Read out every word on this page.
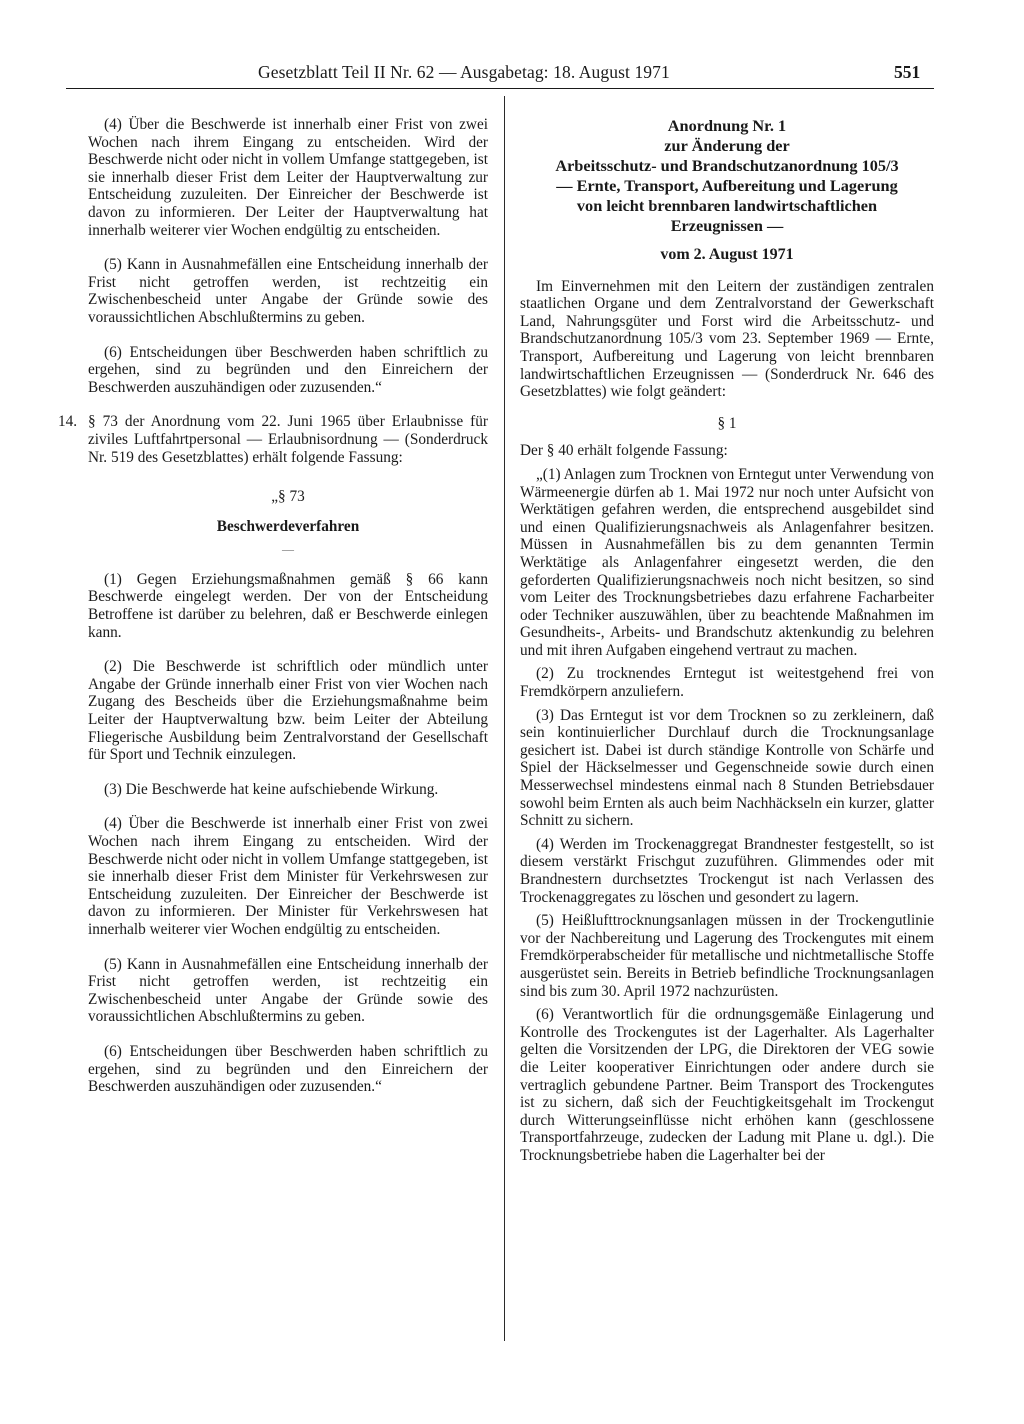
Gesetzblatt Teil II Nr. 62 — Ausgabetag: 18. August 1971	551

(4) Über die Beschwerde ist innerhalb einer Frist von zwei Wochen nach ihrem Eingang zu entscheiden. Wird der Beschwerde nicht oder nicht in vollem Umfange stattgegeben, ist sie innerhalb dieser Frist dem Leiter der Hauptverwaltung zur Entscheidung zuzuleiten. Der Einreicher der Beschwerde ist davon zu informieren. Der Leiter der Hauptverwaltung hat innerhalb weiterer vier Wochen endgültig zu entscheiden.

(5) Kann in Ausnahmefällen eine Entscheidung innerhalb der Frist nicht getroffen werden, ist rechtzeitig ein Zwischenbescheid unter Angabe der Gründe sowie des voraussichtlichen Abschlußtermins zu geben.

(6) Entscheidungen über Beschwerden haben schriftlich zu ergehen, sind zu begründen und den Einreichern der Beschwerden auszuhändigen oder zuzusenden.“

14. § 73 der Anordnung vom 22. Juni 1965 über Erlaubnisse für ziviles Luftfahrtpersonal — Erlaubnisordnung — (Sonderdruck Nr. 519 des Gesetzblattes) erhält folgende Fassung:

„§ 73

Beschwerdeverfahren

—

(1) Gegen Erziehungsmaßnahmen gemäß § 66 kann Beschwerde eingelegt werden. Der von der Entscheidung Betroffene ist darüber zu belehren, daß er Beschwerde einlegen kann.

(2) Die Beschwerde ist schriftlich oder mündlich unter Angabe der Gründe innerhalb einer Frist von vier Wochen nach Zugang des Bescheids über die Erziehungsmaßnahme beim Leiter der Hauptverwaltung bzw. beim Leiter der Abteilung Fliegerische Ausbildung beim Zentralvorstand der Gesellschaft für Sport und Technik einzulegen.

(3) Die Beschwerde hat keine aufschiebende Wirkung.

(4) Über die Beschwerde ist innerhalb einer Frist von zwei Wochen nach ihrem Eingang zu entscheiden. Wird der Beschwerde nicht oder nicht in vollem Umfange stattgegeben, ist sie innerhalb dieser Frist dem Minister für Verkehrswesen zur Entscheidung zuzuleiten. Der Einreicher der Beschwerde ist davon zu informieren. Der Minister für Verkehrswesen hat innerhalb weiterer vier Wochen endgültig zu entscheiden.

(5) Kann in Ausnahmefällen eine Entscheidung innerhalb der Frist nicht getroffen werden, ist rechtzeitig ein Zwischenbescheid unter Angabe der Gründe sowie des voraussichtlichen Abschlußtermins zu geben.

(6) Entscheidungen über Beschwerden haben schriftlich zu ergehen, sind zu begründen und den Einreichern der Beschwerden auszuhändigen oder zuzusenden.“

Anordnung Nr. 1
zur Änderung der
Arbeitsschutz- und Brandschutzanordnung 105/3
— Ernte, Transport, Aufbereitung und Lagerung
von leicht brennbaren landwirtschaftlichen
Erzeugnissen —
vom 2. August 1971

Im Einvernehmen mit den Leitern der zuständigen zentralen staatlichen Organe und dem Zentralvorstand der Gewerkschaft Land, Nahrungsgüter und Forst wird die Arbeitsschutz- und Brandschutzanordnung 105/3 vom 23. September 1969 — Ernte, Transport, Aufbereitung und Lagerung von leicht brennbaren landwirtschaftlichen Erzeugnissen — (Sonderdruck Nr. 646 des Gesetzblattes) wie folgt geändert:

§ 1

Der § 40 erhält folgende Fassung:

„(1) Anlagen zum Trocknen von Erntegut unter Verwendung von Wärmeenergie dürfen ab 1. Mai 1972 nur noch unter Aufsicht von Werktätigen gefahren werden, die entsprechend ausgebildet sind und einen Qualifizierungsnachweis als Anlagenfahrer besitzen. Müssen in Ausnahmefällen bis zu dem genannten Termin Werktätige als Anlagenfahrer eingesetzt werden, die den geforderten Qualifizierungsnachweis noch nicht besitzen, so sind vom Leiter des Trocknungsbetriebes dazu erfahrene Facharbeiter oder Techniker auszuwählen, über zu beachtende Maßnahmen im Gesundheits-, Arbeits- und Brandschutz aktenkundig zu belehren und mit ihren Aufgaben eingehend vertraut zu machen.

(2) Zu trocknendes Erntegut ist weitestgehend frei von Fremdkörpern anzuliefern.

(3) Das Erntegut ist vor dem Trocknen so zu zerkleinern, daß sein kontinuierlicher Durchlauf durch die Trocknungsanlage gesichert ist. Dabei ist durch ständige Kontrolle von Schärfe und Spiel der Häckselmesser und Gegenschneide sowie durch einen Messerwechsel mindestens einmal nach 8 Stunden Betriebsdauer sowohl beim Ernten als auch beim Nachhäckseln ein kurzer, glatter Schnitt zu sichern.

(4) Werden im Trockenaggregat Brandnester festgestellt, so ist diesem verstärkt Frischgut zuzuführen. Glimmendes oder mit Brandnestern durchsetztes Trockengut ist nach Verlassen des Trockenaggregates zu löschen und gesondert zu lagern.

(5) Heißlufttrocknungsanlagen müssen in der Trockengutlinie vor der Nachbereitung und Lagerung des Trockengutes mit einem Fremdkörperabscheider für metallische und nichtmetallische Stoffe ausgerüstet sein. Bereits in Betrieb befindliche Trocknungsanlagen sind bis zum 30. April 1972 nachzurüsten.

(6) Verantwortlich für die ordnungsgemäße Einlagerung und Kontrolle des Trockengutes ist der Lagerhalter. Als Lagerhalter gelten die Vorsitzenden der LPG, die Direktoren der VEG sowie die Leiter kooperativer Einrichtungen oder andere durch sie vertraglich gebundene Partner. Beim Transport des Trockengutes ist zu sichern, daß sich der Feuchtigkeitsgehalt im Trockengut durch Witterungseinflüsse nicht erhöhen kann (geschlossene Transportfahrzeuge, zudecken der Ladung mit Plane u. dgl.). Die Trocknungsbetriebe haben die Lagerhalter bei der
